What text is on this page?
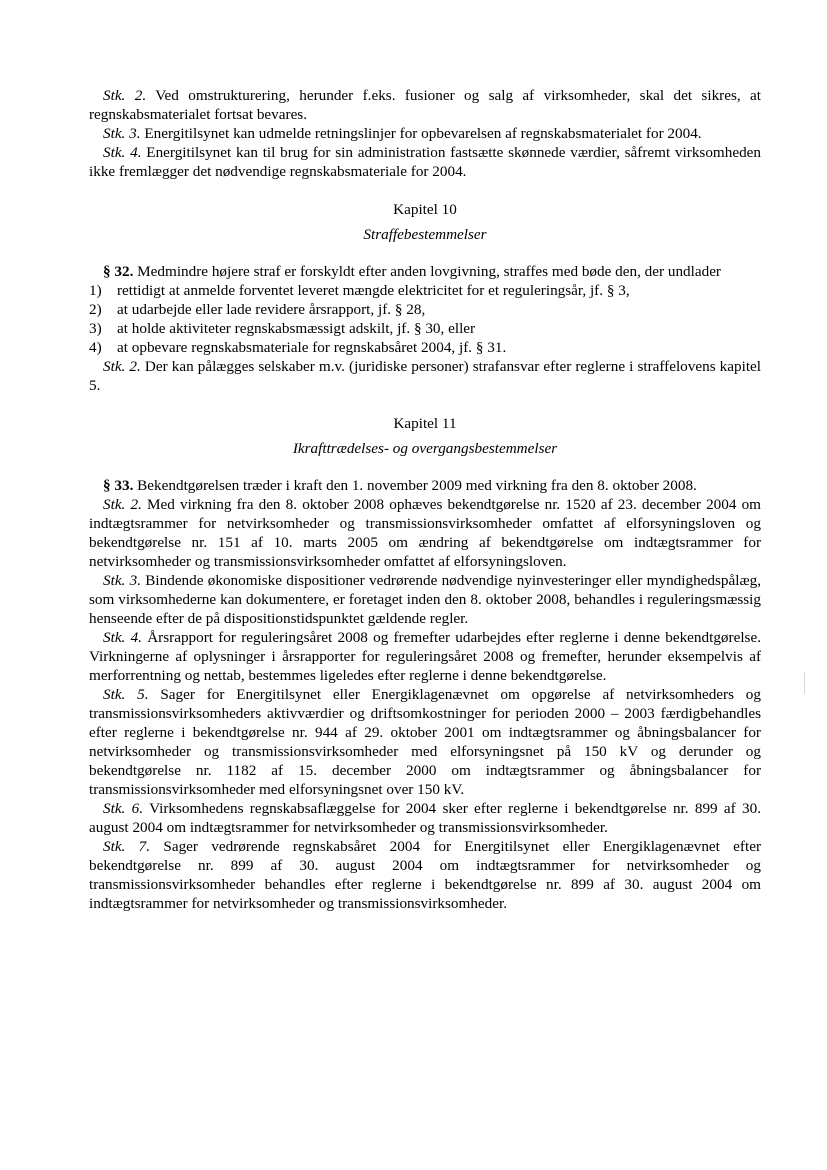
Stk. 2. Ved omstrukturering, herunder f.eks. fusioner og salg af virksomheder, skal det sikres, at regnskabsmaterialet fortsat bevares.

Stk. 3. Energitilsynet kan udmelde retningslinjer for opbevarelsen af regnskabsmaterialet for 2004.

Stk. 4. Energitilsynet kan til brug for sin administration fastsætte skønnede værdier, såfremt virksomheden ikke fremlægger det nødvendige regnskabsmateriale for 2004.

Kapitel 10

Straffebestemmelser

§ 32. Medmindre højere straf er forskyldt efter anden lovgivning, straffes med bøde den, der undlader

1)	rettidigt at anmelde forventet leveret mængde elektricitet for et reguleringsår, jf. § 3,
2)	at udarbejde eller lade revidere årsrapport, jf. § 28,
3)	at holde aktiviteter regnskabsmæssigt adskilt, jf. § 30, eller
4)	at opbevare regnskabsmateriale for regnskabsåret 2004, jf. § 31.

Stk. 2. Der kan pålægges selskaber m.v. (juridiske personer) strafansvar efter reglerne i straffelovens kapitel 5.

Kapitel 11

Ikrafttrædelses- og overgangsbestemmelser

§ 33. Bekendtgørelsen træder i kraft den 1. november 2009 med virkning fra den 8. oktober 2008.

Stk. 2. Med virkning fra den 8. oktober 2008 ophæves bekendtgørelse nr. 1520 af 23. december 2004 om indtægtsrammer for netvirksomheder og transmissionsvirksomheder omfattet af elforsyningsloven og bekendtgørelse nr. 151 af 10. marts 2005 om ændring af bekendtgørelse om indtægtsrammer for netvirksomheder og transmissionsvirksomheder omfattet af elforsyningsloven.

Stk. 3. Bindende økonomiske dispositioner vedrørende nødvendige nyinvesteringer eller myndighedspålæg, som virksomhederne kan dokumentere, er foretaget inden den 8. oktober 2008, behandles i reguleringsmæssig henseende efter de på dispositionstidspunktet gældende regler.

Stk. 4. Årsrapport for reguleringsåret 2008 og fremefter udarbejdes efter reglerne i denne bekendtgørelse. Virkningerne af oplysninger i årsrapporter for reguleringsåret 2008 og fremefter, herunder eksempelvis af merforrentning og nettab, bestemmes ligeledes efter reglerne i denne bekendtgørelse.

Stk. 5. Sager for Energitilsynet eller Energiklagenævnet om opgørelse af netvirksomheders og transmissionsvirksomheders aktivværdier og driftsomkostninger for perioden 2000 – 2003 færdigbehandles efter reglerne i bekendtgørelse nr. 944 af 29. oktober 2001 om indtægtsrammer og åbningsbalancer for netvirksomheder og transmissionsvirksomheder med elforsyningsnet på 150 kV og derunder og bekendtgørelse nr. 1182 af 15. december 2000 om indtægtsrammer og åbningsbalancer for transmissionsvirksomheder med elforsyningsnet over 150 kV.

Stk. 6. Virksomhedens regnskabsaflæggelse for 2004 sker efter reglerne i bekendtgørelse nr. 899 af 30. august 2004 om indtægtsrammer for netvirksomheder og transmissionsvirksomheder.

Stk. 7. Sager vedrørende regnskabsåret 2004 for Energitilsynet eller Energiklagenævnet efter bekendtgørelse nr. 899 af 30. august 2004 om indtægtsrammer for netvirksomheder og transmissionsvirksomheder behandles efter reglerne i bekendtgørelse nr. 899 af 30. august 2004 om indtægtsrammer for netvirksomheder og transmissionsvirksomheder.
